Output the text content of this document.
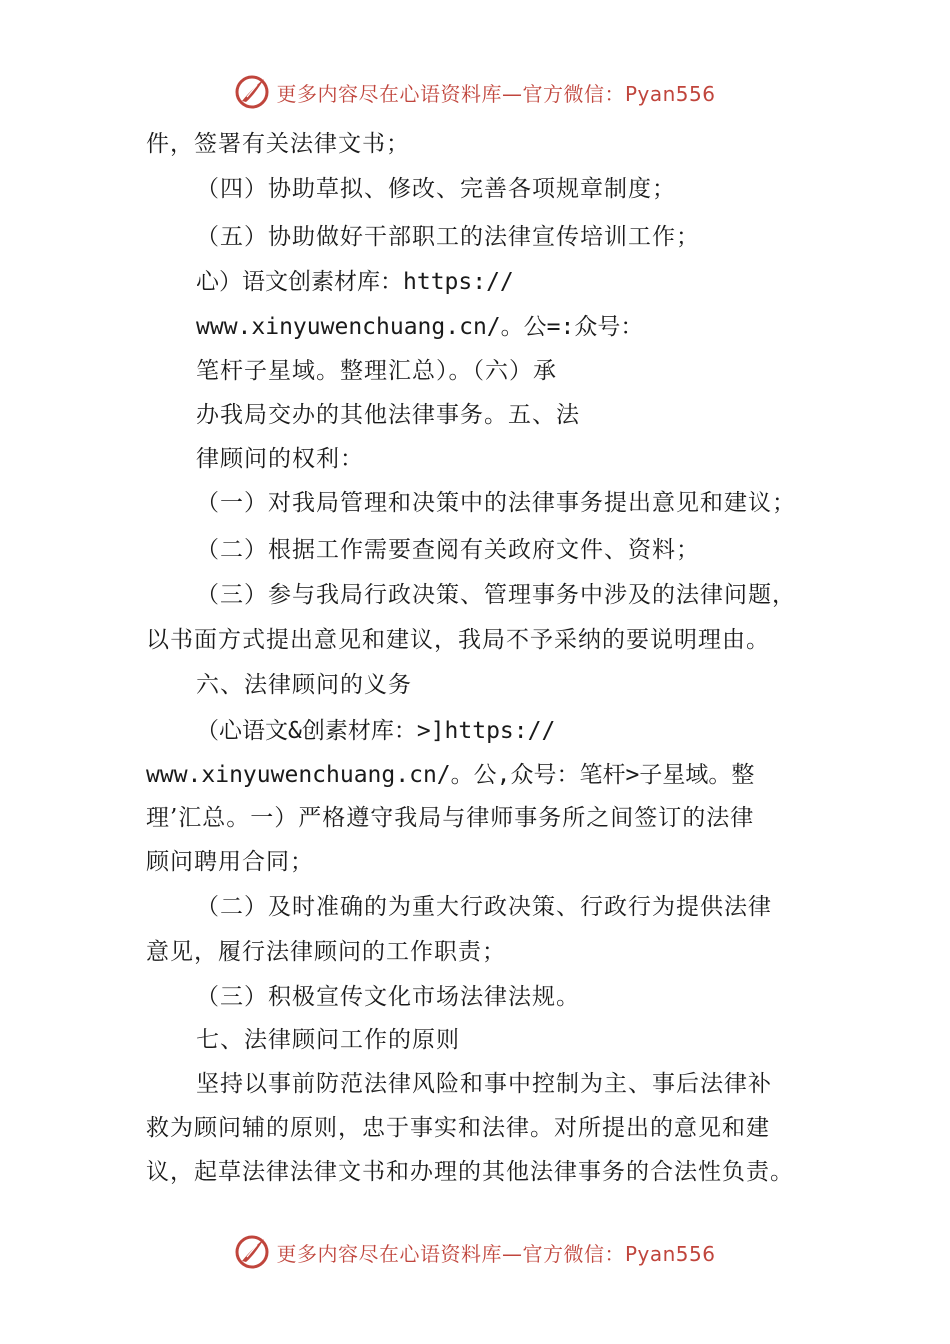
更多内容尽在心语资料库—官方微信：Pyan556
件，签署有关法律文书；
（四）协助草拟、修改、完善各项规章制度；
（五）协助做好干部职工的法律宣传培训工作；
心）语文创素材库：https://
www.xinyuwenchuang.cn/。公=:众号：
笔杆子星域。整理汇总）。（六）承
办我局交办的其他法律事务。五、法
律顾问的权利：
（一）对我局管理和决策中的法律事务提出意见和建议；
（二）根据工作需要查阅有关政府文件、资料；
（三）参与我局行政决策、管理事务中涉及的法律问题，
以书面方式提出意见和建议，我局不予采纳的要说明理由。
六、法律顾问的义务
（心语文&创素材库：>]https://
www.xinyuwenchuang.cn/。公,众号：笔杆>子星域。整
理’汇总。一）严格遵守我局与律师事务所之间签订的法律
顾问聘用合同；
（二）及时准确的为重大行政决策、行政行为提供法律
意见，履行法律顾问的工作职责；
（三）积极宣传文化市场法律法规。
七、法律顾问工作的原则
坚持以事前防范法律风险和事中控制为主、事后法律补
救为顾问辅的原则，忠于事实和法律。对所提出的意见和建
议，起草法律法律文书和办理的其他法律事务的合法性负责。
更多内容尽在心语资料库—官方微信：Pyan556
